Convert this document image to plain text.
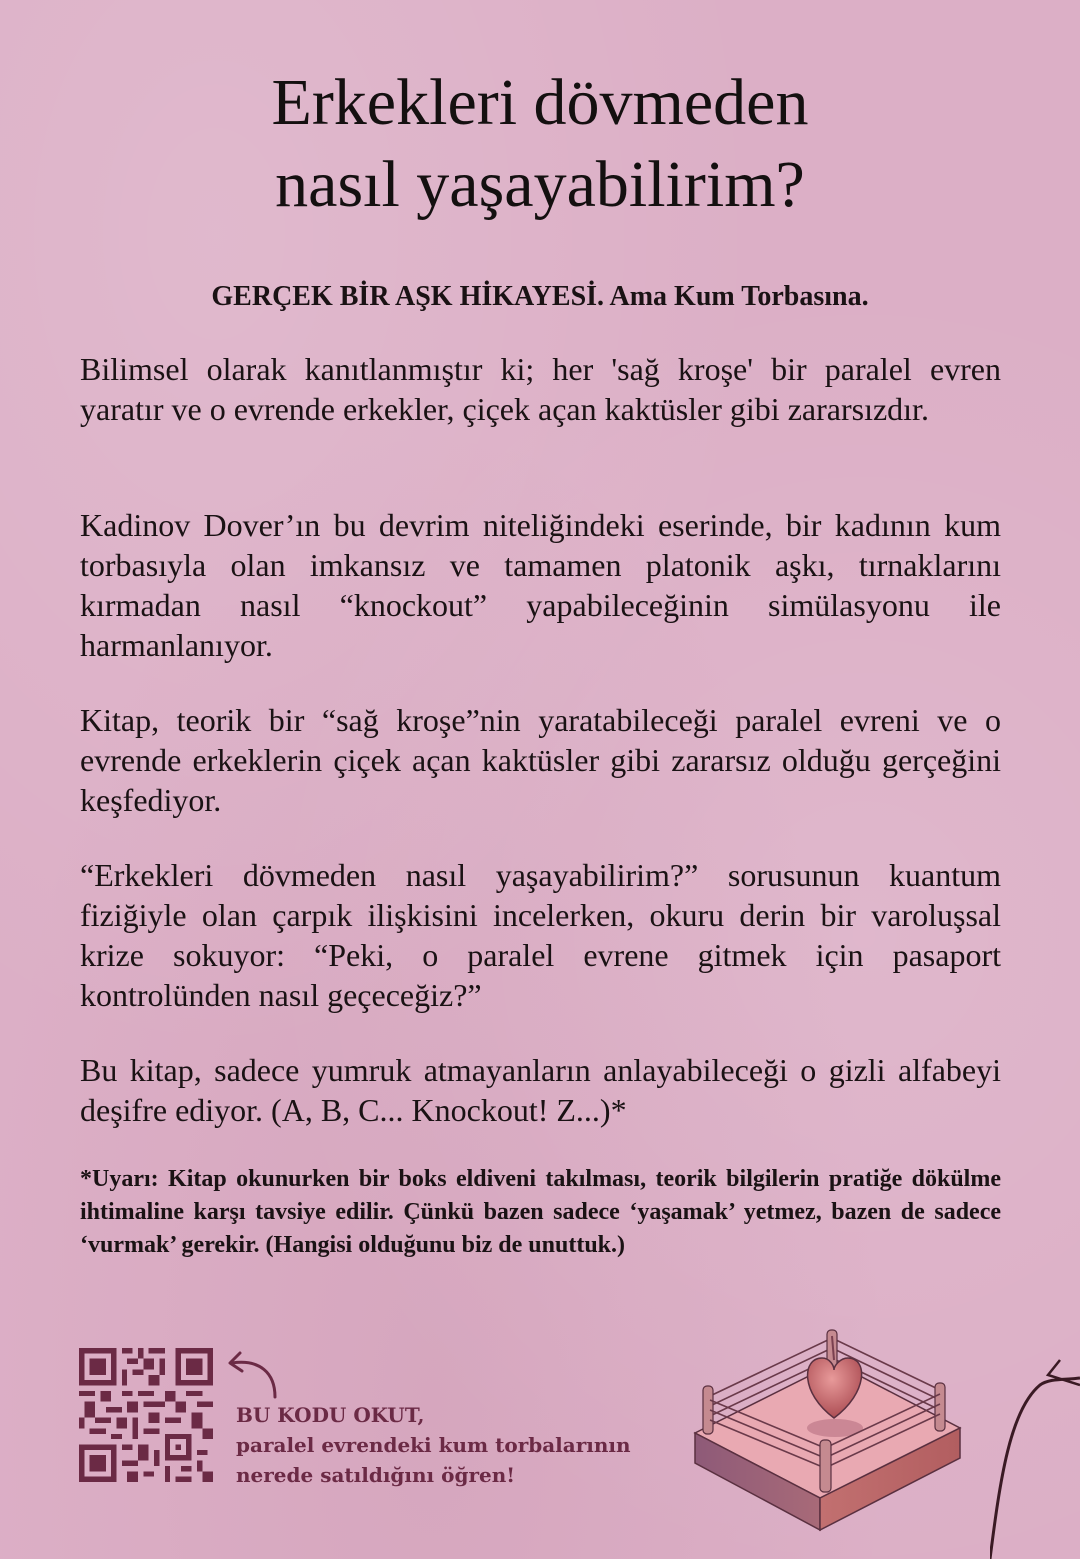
Erkekleri dövmeden
nasıl yaşayabilirim?
GERÇEK BİR AŞK HİKAYESİ. Ama Kum Torbasına.
Bilimsel olarak kanıtlanmıştır ki; her 'sağ kroşe' bir paralel evren yaratır ve o evrende erkekler, çiçek açan kaktüsler gibi zararsızdır.
Kadinov Dover’ın bu devrim niteliğindeki eserinde, bir kadının kum torbasıyla olan imkansız ve tamamen platonik aşkı, tırnaklarını kırmadan nasıl “knockout” yapabileceğinin simülasyonu ile harmanlanıyor.
Kitap, teorik bir “sağ kroşe”nin yaratabileceği paralel evreni ve o evrende erkeklerin çiçek açan kaktüsler gibi zararsız olduğu gerçeğini keşfediyor.
“Erkekleri dövmeden nasıl yaşayabilirim?” sorusunun kuantum fiziğiyle olan çarpık ilişkisini incelerken, okuru derin bir varoluşsal krize sokuyor: “Peki, o paralel evrene gitmek için pasaport kontrolünden nasıl geçeceğiz?”
Bu kitap, sadece yumruk atmayanların anlayabileceği o gizli alfabeyi deşifre ediyor. (A, B, C... Knockout! Z...)*
*Uyarı: Kitap okunurken bir boks eldiveni takılması, teorik bilgilerin pratiğe dökülme ihtimaline karşı tavsiye edilir. Çünkü bazen sadece ‘yaşamak’ yetmez, bazen de sadece ‘vurmak’ gerekir. (Hangisi olduğunu biz de unuttuk.)
BU KODU OKUT,
paralel evrendeki kum torbalarının
nerede satıldığını öğren!
